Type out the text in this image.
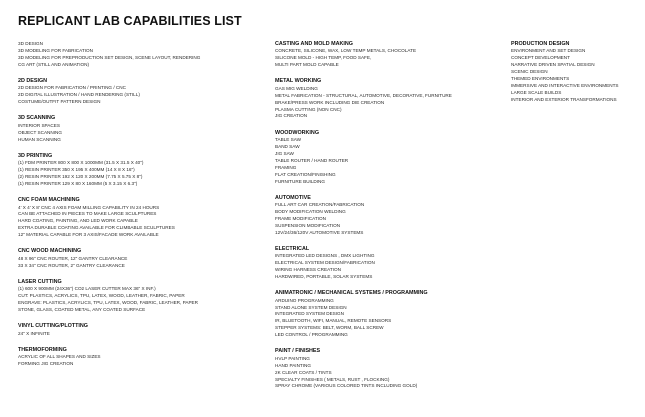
REPLICANT LAB CAPABILITIES LIST
3D DESIGN
3D MODELING FOR FABRICATION
3D MODELING FOR PREPRODUCTION SET DESIGN, SCENE LAYOUT, RENDERING
CG ART (STILL AND ANIMATION)
2D DESIGN
2D DESIGN FOR FABRICATION / PRINTING / CNC
2D DIGITAL ILLUSTRATION / HAND RENDERING (STILL)
COSTUME/OUTFIT PATTERN DESIGN
3D SCANNING
INTERIOR SPACES
OBJECT SCANNING
HUMAN SCANNING
3D PRINTING
(1) FDM PRINTER 800 X 800 X 1000MM (31.5 X 31.5 X 40")
(1) RESIN PRINTER 350 X 195 X 400MM (14 X 8 X 16")
(2) RESIN PRINTER 192 X 120 X 200MM (7.75 X 5.75 X 8")
(1) RESIN PRINTER 129 X 80 X 160MM (5 X 3.15 X 6.3")
CNC FOAM MACHINING
4' X 4' X 8' CNC 4 AXIS FOAM MILLING CAPABILITY IN 24 HOURS
CAN BE ATTACHED IN PIECES TO MAKE LARGE SCULPTURES
HARD COATING, PAINTING, AND LED WORK CAPABLE
EXTRA DURABLE COATING AVAILABLE FOR CLIMBABLE SCULPTURES
12" MATERIAL CAPABLE FOR 3 AXIS/FACADE WORK AVAILABLE
CNC WOOD MACHINING
48 X 96" CNC ROUTER, 12" GANTRY CLEARANCE
33 X 34" CNC ROUTER, 2" GANTRY CLEARANCE
LASER CUTTING
(1) 600 X 900MM (24X36") CO2 LASER CUTTER MAX 36" X INF.)
CUT: PLASTICS, ACRYLICS, TPU, LATEX, WOOD, LEATHER, FABRIC, PAPER
ENGRAVE: PLASTICS, ACRYLICS, TPU, LATEX, WOOD, FABRIC, LEATHER, PAPER
STONE, GLASS, COATED METAL, ANY COATED SURFACE
VINYL CUTTING/PLOTTING
24" X INFINITE
THERMOFORMING
ACRYLIC OF ALL SHAPES AND SIZES
FORMING JIG CREATION
CASTING AND MOLD MAKING
CONCRETE, SILICONE, WAX, LOW TEMP METALS, CHOCOLATE
SILICONE MOLD - HIGH TEMP, FOOD SAFE,
MULTI PART MOLD CAPABLE
METAL WORKING
GAS MIG WELDING
METAL FABRICATION - STRUCTURAL, AUTOMOTIVE, DECORATIVE, FURNITURE
BRAKE/PRESS WORK INCLUDING DIE CREATION
PLASMA CUTTING (NON CNC)
JIG CREATION
WOODWORKING
TABLE SAW
BAND SAW
JIG SAW
TABLE ROUTER / HAND ROUTER
FRAMING
FLAT CREATION/FINISHING
FURNITURE BUILDING
AUTOMOTIVE
FULL ART CAR CREATION/FABRICATION
BODY MODIFICATION WELDING
FRAME MODIFICATION
SUSPENSION MODIFICATION
12V/24/36/120V AUTOMOTIVE SYSTEMS
ELECTRICAL
INTEGRATED LED DESIGNS , DMX LIGHTING
ELECTRICAL SYSTEM DESIGN/FABRICATION
WIRING HARNESS CREATION
HARDWIRED, PORTABLE, SOLAR SYSTEMS
ANIMATRONIC / MECHANICAL SYSTEMS / PROGRAMMING
ARDUINO PROGRAMMING
STAND ALONE SYSTEM DESIGN
INTEGRATED SYSTEM DESIGN
IR, BLUETOOTH, WIFI, MANUAL, REMOTE SENSORS
STEPPER SYSTEMS: BELT, WORM, BALL SCREW
LED CONTROL / PROGRAMMING
PAINT / FINISHES
HVLP PAINTING
HAND PAINTING
2K CLEAR COATS / TINTS
SPECIALTY FINISHES ( METALS, RUST , FLOCKING)
SPRAY CHROME (VARIOUS COLORED TINTS INCLUDING GOLD)
PRODUCTION DESIGN
ENVIRONMENT AND SET DESIGN
CONCEPT DEVELOPMENT
NARRATIVE DRIVEN SPATIAL DESIGN
SCENIC DESIGN
THEMED ENVIRONMENTS
IMMERSIVE AND INTERACTIVE ENVIRONMENTS
LARGE SCALE BUILDS
INTERIOR AND EXTERIOR TRANSFORMATIONS
